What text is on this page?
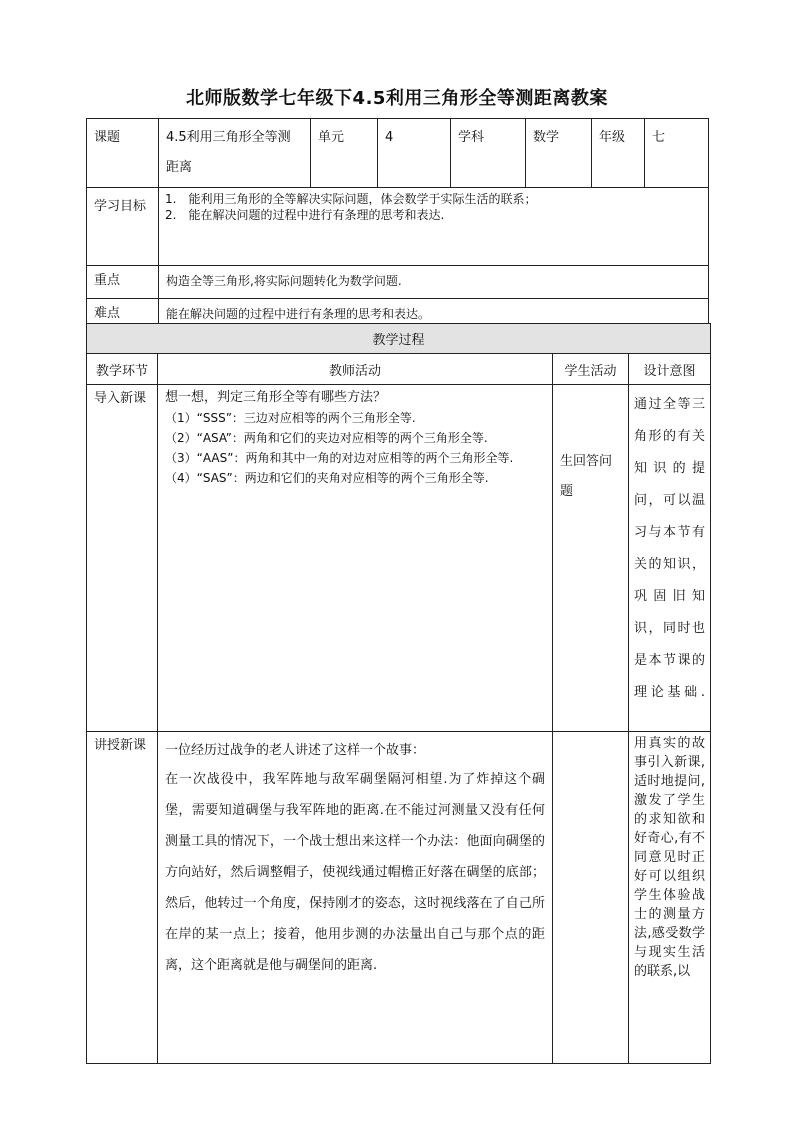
北师版数学七年级下4.5利用三角形全等测距离教案
课题	4.5利用三角形全等测距离	单元	4	学科	数学	年级	七
学习目标	1.　能利用三角形的全等解决实际问题，体会数学于实际生活的联系；
2.　能在解决问题的过程中进行有条理的思考和表达.						

重点	构造全等三角形,将实际问题转化为数学问题.						
难点	能在解决问题的过程中进行有条理的思考和表达。						
教学过程			
教学环节	教师活动	学生活动	设计意图
导入新课	想一想，判定三角形全等有哪些方法？
（1）“SSS”：三边对应相等的两个三角形全等.
（2）“ASA”：两角和它们的夹边对应相等的两个三角形全等.
（3）“AAS”：两角和其中一角的对边对应相等的两个三角形全等.
（4）“SAS”：两边和它们的夹角对应相等的两个三角形全等.	生回答问题	通过全等三角形的有关知识的提问，可以温习与本节有关的知识，巩固旧知识，同时也是本节课的理论基础.
讲授新课	一位经历过战争的老人讲述了这样一个故事：
在一次战役中，我军阵地与敌军碉堡隔河相望.为了炸掉这个碉堡，需要知道碉堡与我军阵地的距离.在不能过河测量又没有任何测量工具的情况下，一个战士想出来这样一个办法：他面向碉堡的方向站好，然后调整帽子，使视线通过帽檐正好落在碉堡的底部；然后，他转过一个角度，保持刚才的姿态，这时视线落在了自己所在岸的某一点上；接着，他用步测的办法量出自己与那个点的距离，这个距离就是他与碉堡间的距离.		用真实的故事引入新课,适时地提问,激发了学生的求知欲和好奇心,有不同意见时正好可以组织学生体验战士的测量方法,感受数学与现实生活的联系,以
